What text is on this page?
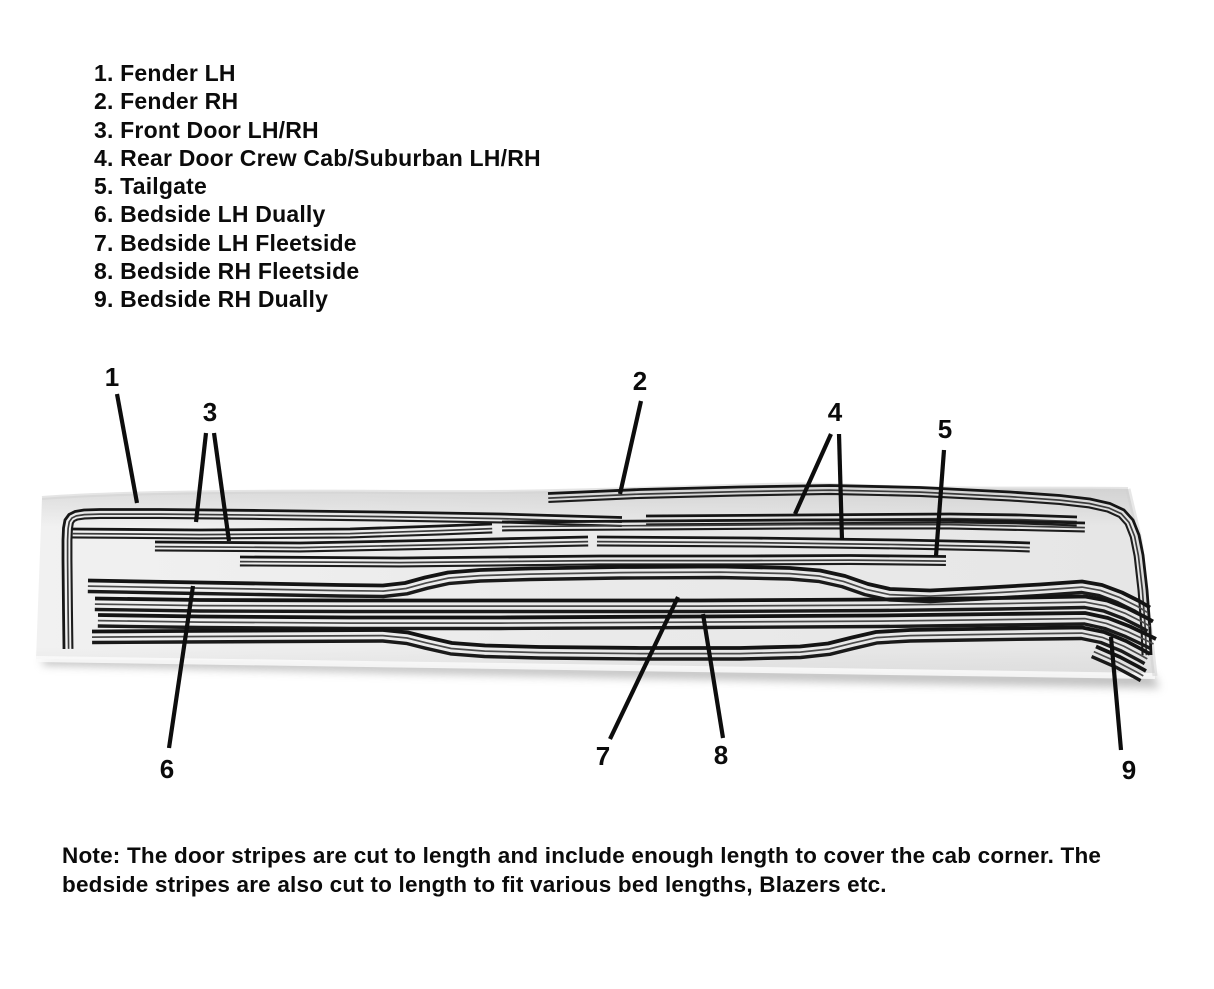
1. Fender LH
2. Fender RH
3. Front Door LH/RH
4. Rear Door Crew Cab/Suburban LH/RH
5. Tailgate
6. Bedside LH Dually
7. Bedside LH Fleetside
8. Bedside RH Fleetside
9. Bedside RH Dually
1	2
3	4
5
6	7	8	9
Note: The door stripes are cut to length and include enough length to cover the cab corner. The
bedside stripes are also cut to length to fit various bed lengths, Blazers etc.
